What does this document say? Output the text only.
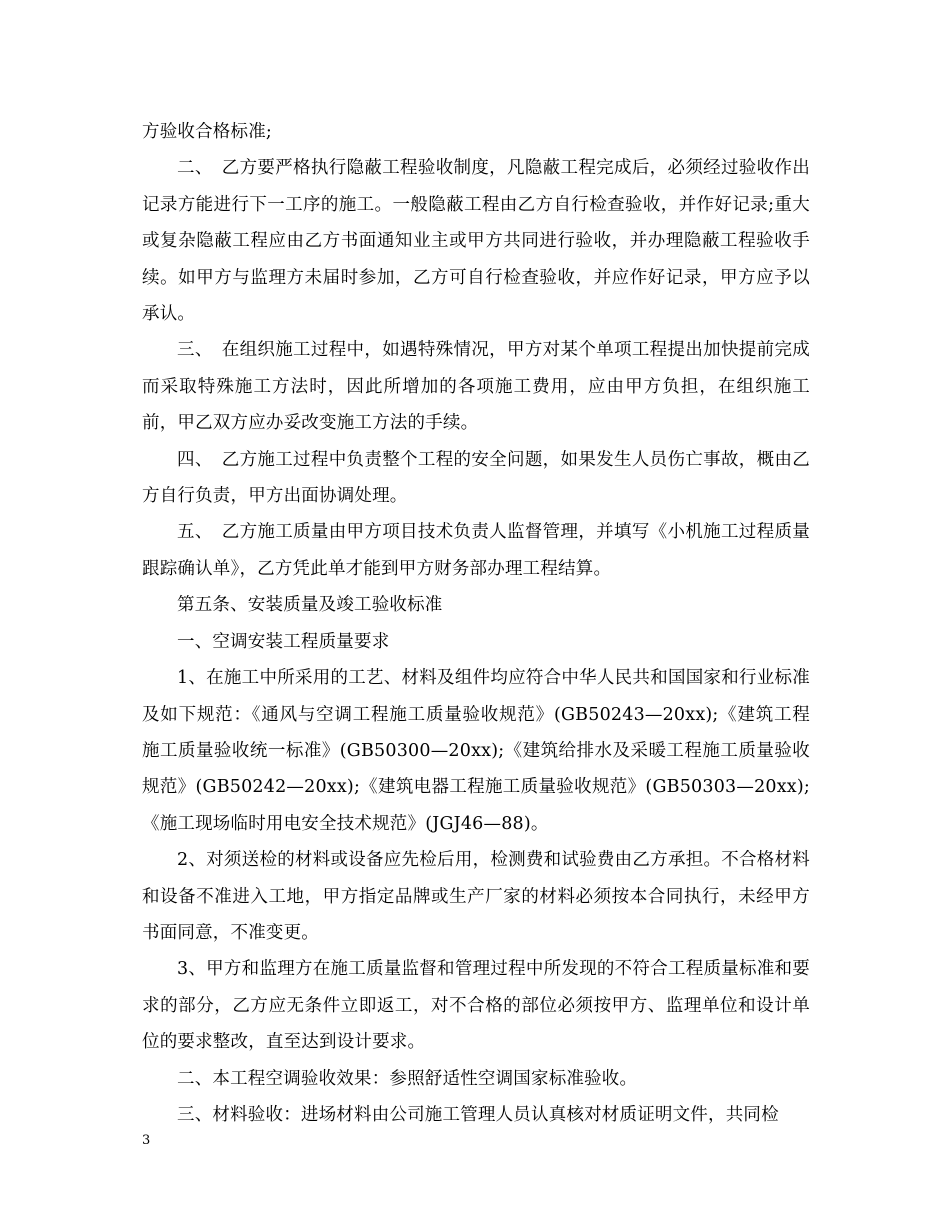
方验收合格标准;

二、　乙方要严格执行隐蔽工程验收制度，凡隐蔽工程完成后，必须经过验收作出记录方能进行下一工序的施工。一般隐蔽工程由乙方自行检查验收，并作好记录;重大或复杂隐蔽工程应由乙方书面通知业主或甲方共同进行验收，并办理隐蔽工程验收手续。如甲方与监理方未届时参加，乙方可自行检查验收，并应作好记录，甲方应予以承认。

三、　在组织施工过程中，如遇特殊情况，甲方对某个单项工程提出加快提前完成而采取特殊施工方法时，因此所增加的各项施工费用，应由甲方负担，在组织施工前，甲乙双方应办妥改变施工方法的手续。

四、　乙方施工过程中负责整个工程的安全问题，如果发生人员伤亡事故，概由乙方自行负责，甲方出面协调处理。

五、　乙方施工质量由甲方项目技术负责人监督管理，并填写《小机施工过程质量跟踪确认单》，乙方凭此单才能到甲方财务部办理工程结算。

第五条、安装质量及竣工验收标准

一、空调安装工程质量要求

1、在施工中所采用的工艺、材料及组件均应符合中华人民共和国国家和行业标准及如下规范：《通风与空调工程施工质量验收规范》(GB50243—20xx);《建筑工程施工质量验收统一标准》(GB50300—20xx);《建筑给排水及采暖工程施工质量验收规范》(GB50242—20xx);《建筑电器工程施工质量验收规范》(GB50303—20xx);《施工现场临时用电安全技术规范》(JGJ46—88)。

2、对须送检的材料或设备应先检后用，检测费和试验费由乙方承担。不合格材料和设备不准进入工地，甲方指定品牌或生产厂家的材料必须按本合同执行，未经甲方书面同意，不准变更。

3、甲方和监理方在施工质量监督和管理过程中所发现的不符合工程质量标准和要求的部分，乙方应无条件立即返工，对不合格的部位必须按甲方、监理单位和设计单位的要求整改，直至达到设计要求。

二、本工程空调验收效果：参照舒适性空调国家标准验收。

三、材料验收：进场材料由公司施工管理人员认真核对材质证明文件，共同检

3
